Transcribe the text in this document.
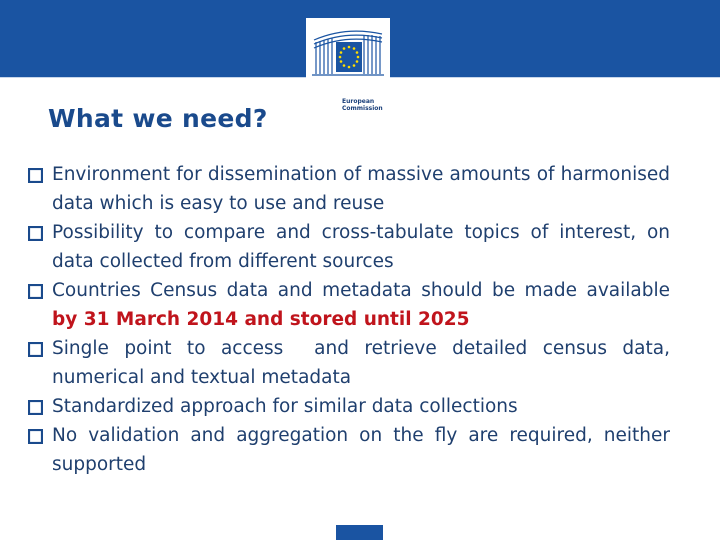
European
Commission
What we need?
Environment for dissemination of massive amounts of harmonised data which is easy to use and reuse
Possibility to compare and cross-tabulate topics of interest, on data collected from different sources
Countries Census data and metadata should be made available by 31 March 2014 and stored until 2025
Single point to access  and retrieve detailed census data, numerical and textual metadata
Standardized approach for similar data collections
No validation and aggregation on the fly are required, neither supported
